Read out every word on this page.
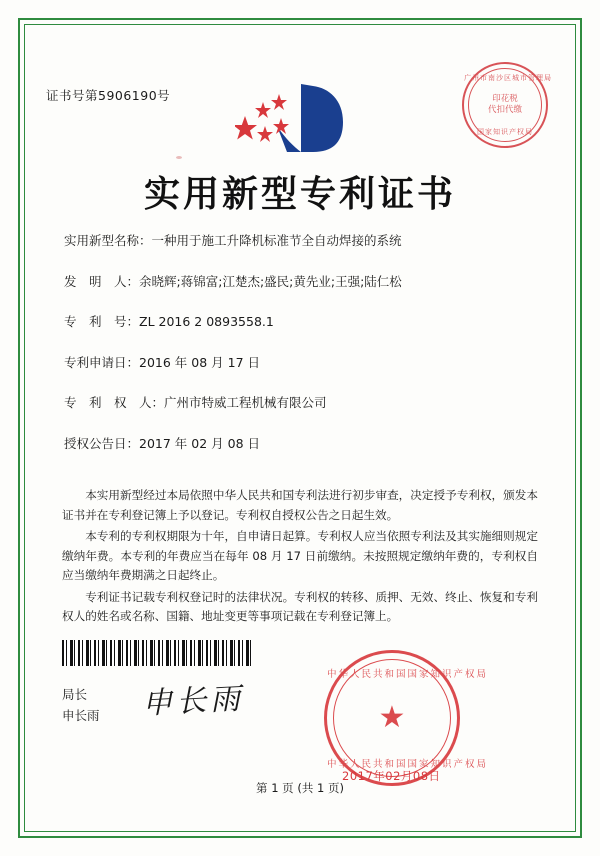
证书号第5906190号
广州市南沙区城市管理局
印花税
代扣代缴
国家知识产权局
实用新型专利证书
实用新型名称：一种用于施工升降机标准节全自动焊接的系统
发　明　人：余晓辉;蒋锦富;江楚杰;盛民;黄先业;王强;陆仁松
专　利　号：ZL 2016 2 0893558.1
专利申请日：2016 年 08 月 17 日
专　利　权　人：广州市特威工程机械有限公司
授权公告日：2017 年 02 月 08 日

本实用新型经过本局依照中华人民共和国专利法进行初步审查，决定授予专利权，颁发本证书并在专利登记簿上予以登记。专利权自授权公告之日起生效。

本专利的专利权期限为十年，自申请日起算。专利权人应当依照专利法及其实施细则规定缴纳年费。本专利的年费应当在每年 08 月 17 日前缴纳。未按照规定缴纳年费的，专利权自应当缴纳年费期满之日起终止。

专利证书记载专利权登记时的法律状况。专利权的转移、质押、无效、终止、恢复和专利权人的姓名或名称、国籍、地址变更等事项记载在专利登记簿上。

局长
申长雨 申长雨
中华人民共和国国家知识产权局
★
中华人民共和国国家知识产权局
2017年02月08日
第 1 页 (共 1 页)
